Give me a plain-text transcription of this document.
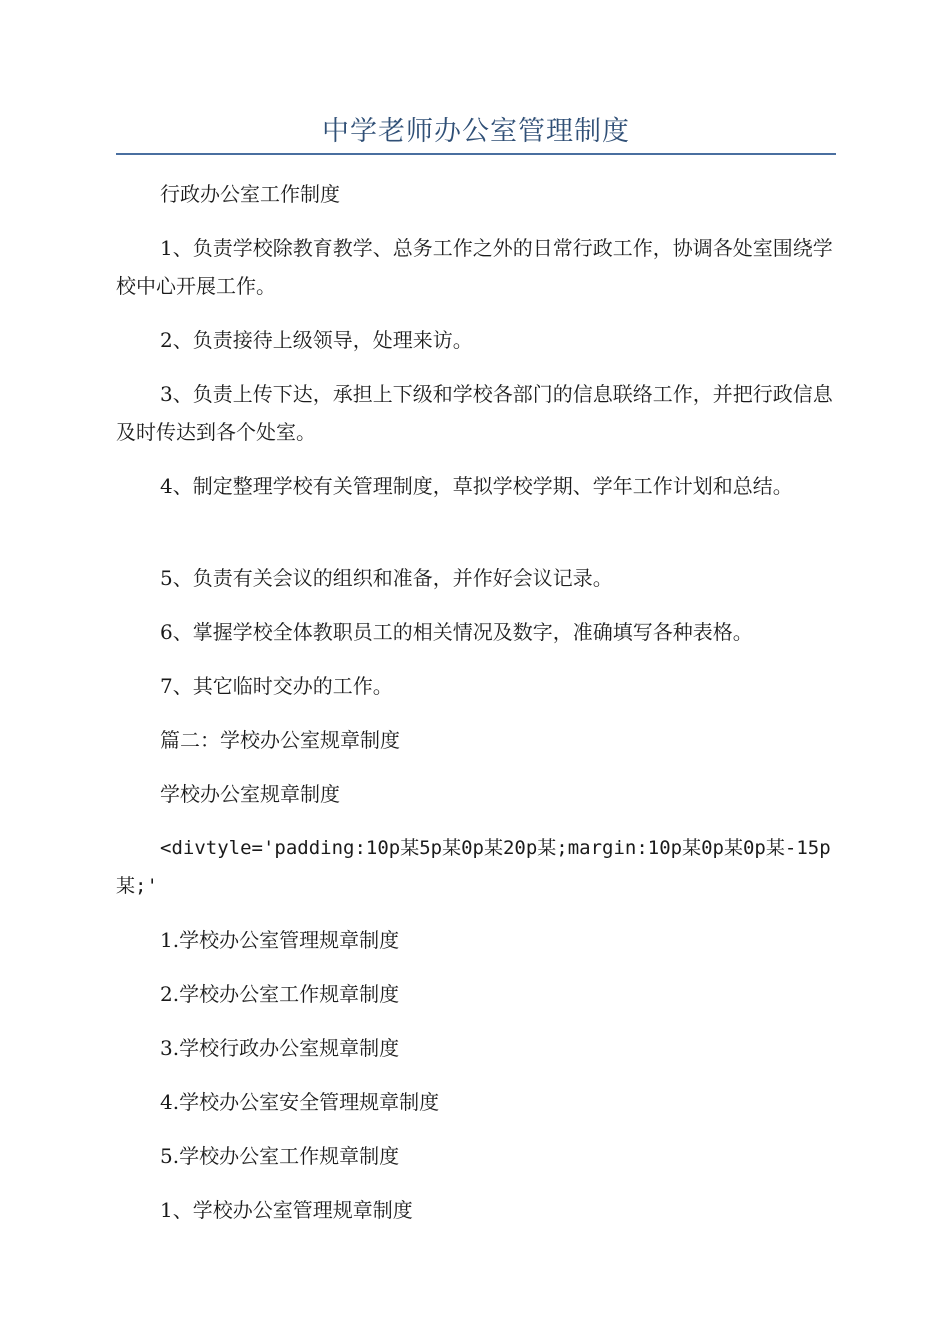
中学老师办公室管理制度

行政办公室工作制度

1、负责学校除教育教学、总务工作之外的日常行政工作，协调各处室围绕学校中心开展工作。

2、负责接待上级领导，处理来访。

3、负责上传下达，承担上下级和学校各部门的信息联络工作，并把行政信息及时传达到各个处室。

4、制定整理学校有关管理制度，草拟学校学期、学年工作计划和总结。

5、负责有关会议的组织和准备，并作好会议记录。

6、掌握学校全体教职员工的相关情况及数字，准确填写各种表格。

7、其它临时交办的工作。

篇二：学校办公室规章制度

学校办公室规章制度

<divtyle='padding:10p某5p某0p某20p某;margin:10p某0p某0p某-15p某;'

1.学校办公室管理规章制度

2.学校办公室工作规章制度

3.学校行政办公室规章制度

4.学校办公室安全管理规章制度

5.学校办公室工作规章制度

1、学校办公室管理规章制度
